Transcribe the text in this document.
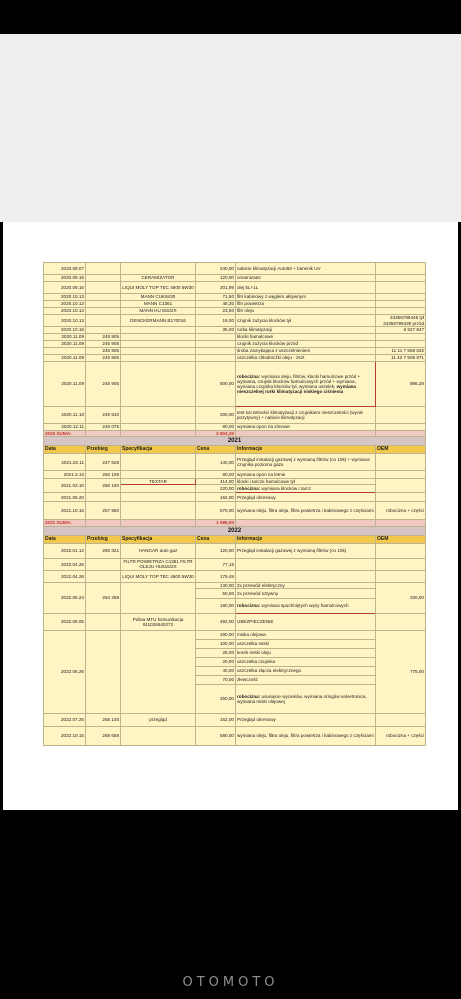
2020.08.07			240,00	nabicie klimatyzacji Auto50 + barwnik UV	
2020.09.16		CERAMIZATOR	120,00	ceramizator	
2020.09.16		LIQUI MOLY TOP TEC 4600 5W30	201,99	olej 5L+1L	
2020.10.13		MANN CUK8430	71,50	filtr kabinowy z węglem aktywnym	
2020.10.13		MANN C1361	48,30	filtr powietrza	
2020.10.13		MANN HU 815/2X	23,50	filtr oleju	
2020.10.13		DENCKERMANN B170016	16,00	czujnik zużycia klocków tył	34356789445 tył 34356789439 przód
2020.10.18			35,00	rurka klimatyzacji	6 927 847
2020.11.09	245 905			klocki hamulcowe	
2020.11.09	245 905			czujnik zużycia klocków przód	
	245 905			śruba zamykająca z uszczelnieniem	11 11 7 558 632
2020.11.09	245 905			uszczelka chłodnicźki oleju - 2szt	11 42 7 508 971
2020.11.09	245 905		500,00	robocizna: wymiana oleju, filtrów, klocki hamulcowe przód + wymiana, czujnik klocków hamulcowych przód + wymiana, wymiana czujnika klocków tył, wymiana uszelek, wymiana nieszczelnej rurki klimatyzacji niskiego ciśnienia	896,29
2020.11.10	245 910		200,00	test szczelności klimatyzacji z czujnikiem nieszczelości (wynik pozytywny) + nabicie klimatyzacji	
2020.12.11	246 075		80,00	wymiana opon na zimowe	
2020 SUMA:			2 804,29		
2021					
Data	Przebieg	Specyfikacja	Cena	Informacje	OEM
2021.02.11	247 628		140,00	Przegląd instalacji gazowej z wymianą filtrów (co 10k) + wymiana czujnika poziomu gazu	
2021.3.10	250 109		80,00	wymiana opon na letnie	
2021.03.10	250 150	TEXTAR	414,00	klocki i tarcze hamulcowe tył	
			220,00	robocizna: wymiana klocków i tarcz	
2021.06.20			162,00	Przegląd okresowy	
2021.10.15	257 950		570,00	wymiana oleju, filtra oleju, filtra powietrza i kabinowego z częściami	robocizna + części
2021 SUMA:			1 586,00		
2022					
Data	Przebieg	Specyfikacja	Cena	Informacje	OEM
2022.01.12	260 321	HANGAR auto gaz	120,00	Przegląd instalacji gazowej z wymianą filtrów (co 10k)	
2022.04.26		FILTR POWIETRZA C1361 FILTR OLEJU HU815/2X	77,15		
2022.04.26		LIQUI MOLY TOP TEC 4600 5W30	179,49		
2022.05.24	264 258		130,00	2x przewód elektryczny	320,00
			50,00	2x przewód sztywny	
			180,00	robocizna: wymiana spuchniętych węży hamulcowych	
2022.06.05		Polisa MTU komunikacja 911026640272	492,00	UBEZPIECZENIE	
2022.06.26			290,00	miska olejowa	775,00
			100,00	uszczelka miski	
			25,00	korek miski oleju	
			20,00	uszczelka czujnika	
			40,00	uszczelka złącza elektrycznego	
			70,00	złewczość	
			250,00	robocizna: usunięcie wycieków, wymiana oringów valvetronica, wymiana miski olejowej	
2022.07.25	265 145	przegląd	162,00	Przegląd okresowy	
2022.10.15	268 658		580,00	wymiana oleju, filtra oleju, filtra powietrza i kabinowego z częściami	robocizna + części
OTOMOTO
